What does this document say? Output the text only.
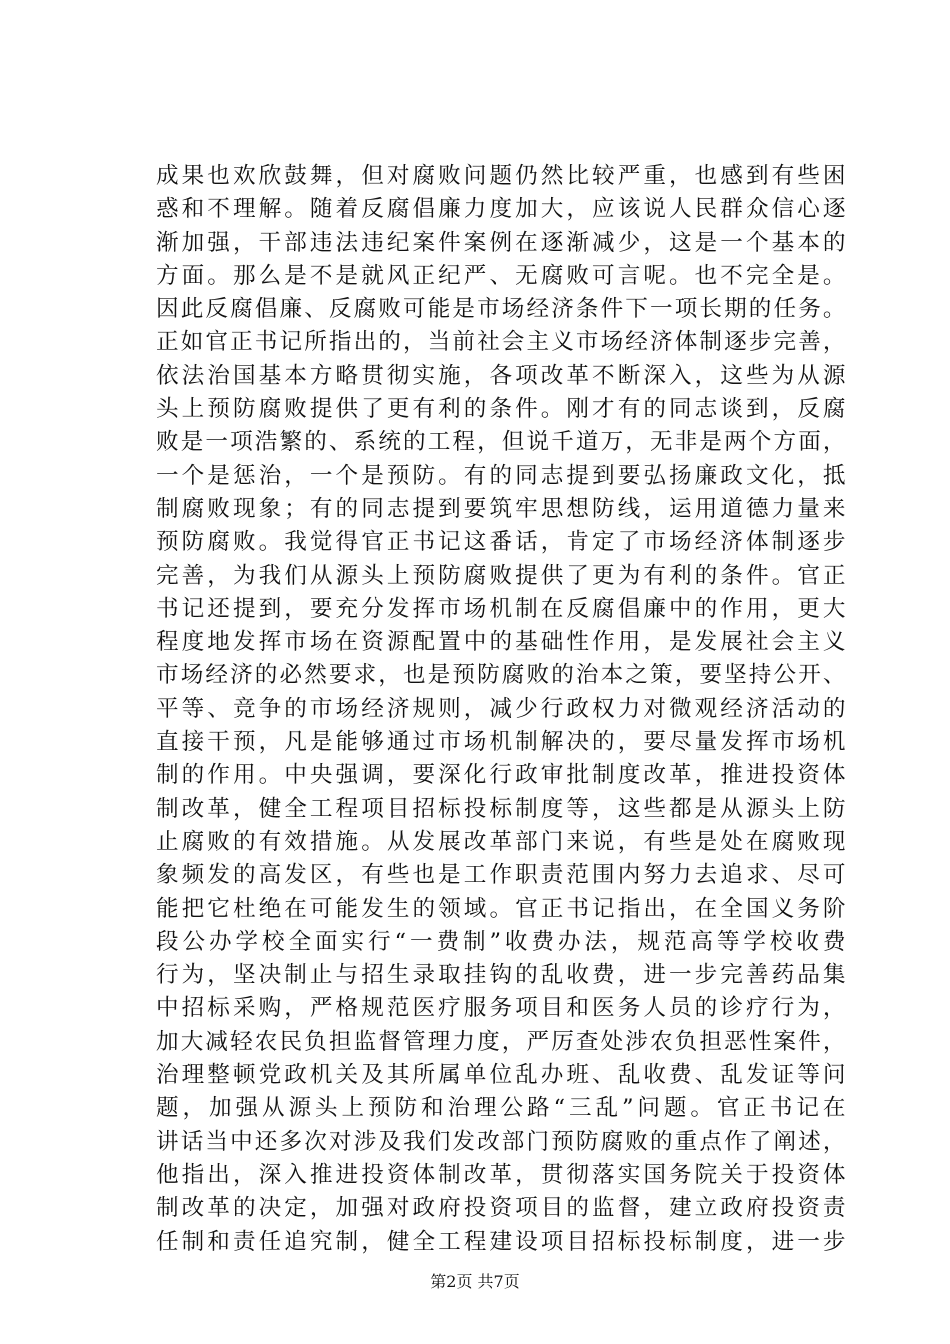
成果也欢欣鼓舞，但对腐败问题仍然比较严重，也感到有些困
惑和不理解。随着反腐倡廉力度加大，应该说人民群众信心逐
渐加强，干部违法违纪案件案例在逐渐减少，这是一个基本的
方面。那么是不是就风正纪严、无腐败可言呢。也不完全是。
因此反腐倡廉、反腐败可能是市场经济条件下一项长期的任务。
正如官正书记所指出的，当前社会主义市场经济体制逐步完善，
依法治国基本方略贯彻实施，各项改革不断深入，这些为从源
头上预防腐败提供了更有利的条件。刚才有的同志谈到，反腐
败是一项浩繁的、系统的工程，但说千道万，无非是两个方面，
一个是惩治，一个是预防。有的同志提到要弘扬廉政文化，抵
制腐败现象；有的同志提到要筑牢思想防线，运用道德力量来
预防腐败。我觉得官正书记这番话，肯定了市场经济体制逐步
完善，为我们从源头上预防腐败提供了更为有利的条件。官正
书记还提到，要充分发挥市场机制在反腐倡廉中的作用，更大
程度地发挥市场在资源配置中的基础性作用，是发展社会主义
市场经济的必然要求，也是预防腐败的治本之策，要坚持公开、
平等、竞争的市场经济规则，减少行政权力对微观经济活动的
直接干预，凡是能够通过市场机制解决的，要尽量发挥市场机
制的作用。中央强调，要深化行政审批制度改革，推进投资体
制改革，健全工程项目招标投标制度等，这些都是从源头上防
止腐败的有效措施。从发展改革部门来说，有些是处在腐败现
象频发的高发区，有些也是工作职责范围内努力去追求、尽可
能把它杜绝在可能发生的领域。官正书记指出，在全国义务阶
段公办学校全面实行“一费制”收费办法，规范高等学校收费
行为，坚决制止与招生录取挂钩的乱收费，进一步完善药品集
中招标采购，严格规范医疗服务项目和医务人员的诊疗行为，
加大减轻农民负担监督管理力度，严厉查处涉农负担恶性案件，
治理整顿党政机关及其所属单位乱办班、乱收费、乱发证等问
题，加强从源头上预防和治理公路“三乱”问题。官正书记在
讲话当中还多次对涉及我们发改部门预防腐败的重点作了阐述，
他指出，深入推进投资体制改革，贯彻落实国务院关于投资体
制改革的决定，加强对政府投资项目的监督，建立政府投资责
任制和责任追究制，健全工程建设项目招标投标制度，进一步
第2页 共7页
